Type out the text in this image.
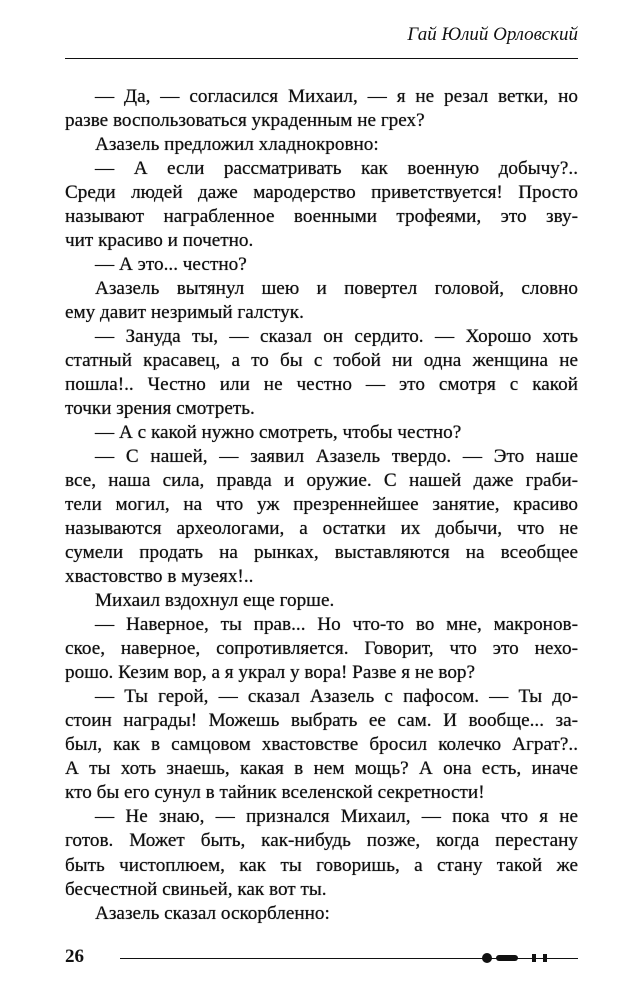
Гай Юлий Орловский
— Да, — согласился Михаил, — я не резал ветки, но
разве воспользоваться украденным не грех?
Азазель предложил хладнокровно:
— А если рассматривать как военную добычу?..
Среди людей даже мародерство приветствуется! Просто
называют награбленное военными трофеями, это зву-
чит красиво и почетно.
— А это... честно?
Азазель вытянул шею и повертел головой, словно
ему давит незримый галстук.
— Зануда ты, — сказал он сердито. — Хорошо хоть
статный красавец, а то бы с тобой ни одна женщина не
пошла!.. Честно или не честно — это смотря с какой
точки зрения смотреть.
— А с какой нужно смотреть, чтобы честно?
— С нашей, — заявил Азазель твердо. — Это наше
все, наша сила, правда и оружие. С нашей даже граби-
тели могил, на что уж презреннейшее занятие, красиво
называются археологами, а остатки их добычи, что не
сумели продать на рынках, выставляются на всеобщее
хвастовство в музеях!..
Михаил вздохнул еще горше.
— Наверное, ты прав... Но что-то во мне, макронов-
ское, наверное, сопротивляется. Говорит, что это нехо-
рошо. Кезим вор, а я украл у вора! Разве я не вор?
— Ты герой, — сказал Азазель с пафосом. — Ты до-
стоин награды! Можешь выбрать ее сам. И вообще... за-
был, как в самцовом хвастовстве бросил колечко Аграт?..
А ты хоть знаешь, какая в нем мощь? А она есть, иначе
кто бы его сунул в тайник вселенской секретности!
— Не знаю, — признался Михаил, — пока что я не
готов. Может быть, как-нибудь позже, когда перестану
быть чистоплюем, как ты говоришь, а стану такой же
бесчестной свиньей, как вот ты.
Азазель сказал оскорбленно:
26
